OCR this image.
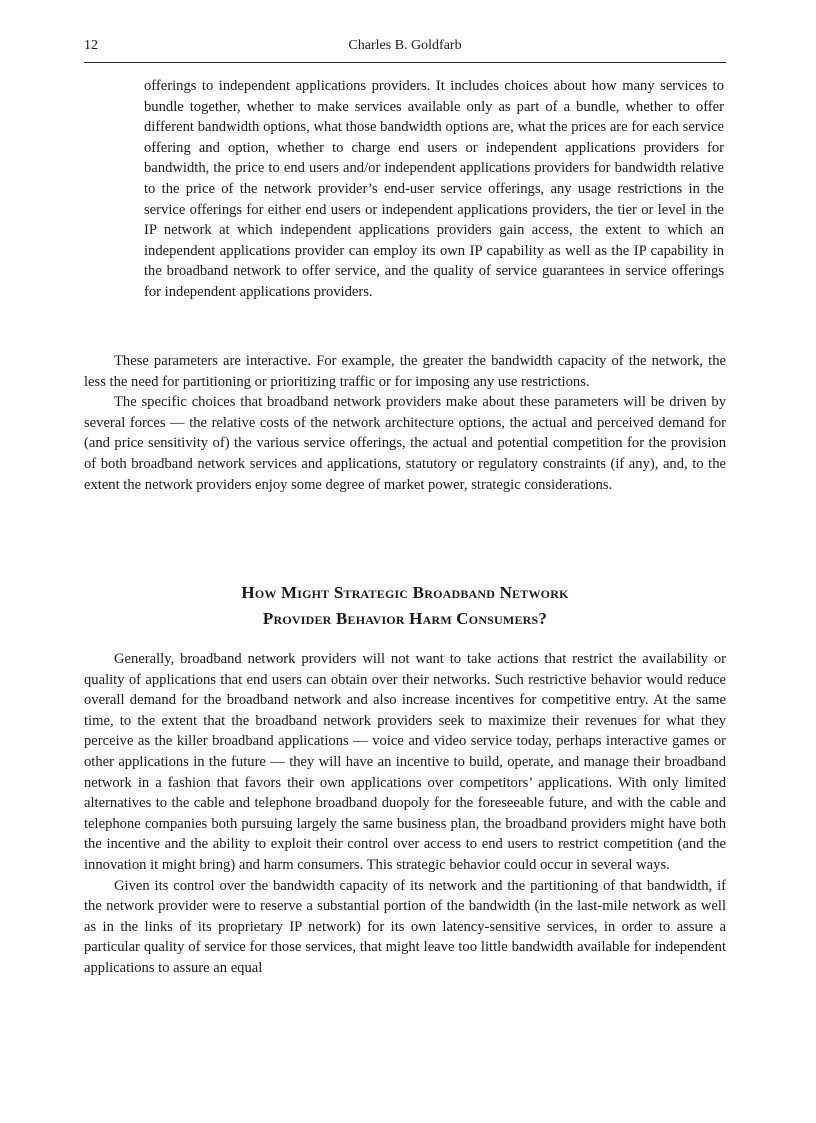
12	Charles B. Goldfarb

offerings to independent applications providers. It includes choices about how many services to bundle together, whether to make services available only as part of a bundle, whether to offer different bandwidth options, what those bandwidth options are, what the prices are for each service offering and option, whether to charge end users or independent applications providers for bandwidth, the price to end users and/or independent applications providers for bandwidth relative to the price of the network provider’s end-user service offerings, any usage restrictions in the service offerings for either end users or independent applications providers, the tier or level in the IP network at which independent applications providers gain access, the extent to which an independent applications provider can employ its own IP capability as well as the IP capability in the broadband network to offer service, and the quality of service guarantees in service offerings for independent applications providers.

These parameters are interactive. For example, the greater the bandwidth capacity of the network, the less the need for partitioning or prioritizing traffic or for imposing any use restrictions.

The specific choices that broadband network providers make about these parameters will be driven by several forces — the relative costs of the network architecture options, the actual and perceived demand for (and price sensitivity of) the various service offerings, the actual and potential competition for the provision of both broadband network services and applications, statutory or regulatory constraints (if any), and, to the extent the network providers enjoy some degree of market power, strategic considerations.

How Might Strategic Broadband Network
Provider Behavior Harm Consumers?

Generally, broadband network providers will not want to take actions that restrict the availability or quality of applications that end users can obtain over their networks. Such restrictive behavior would reduce overall demand for the broadband network and also increase incentives for competitive entry. At the same time, to the extent that the broadband network providers seek to maximize their revenues for what they perceive as the killer broadband applications — voice and video service today, perhaps interactive games or other applications in the future — they will have an incentive to build, operate, and manage their broadband network in a fashion that favors their own applications over competitors’ applications. With only limited alternatives to the cable and telephone broadband duopoly for the foreseeable future, and with the cable and telephone companies both pursuing largely the same business plan, the broadband providers might have both the incentive and the ability to exploit their control over access to end users to restrict competition (and the innovation it might bring) and harm consumers. This strategic behavior could occur in several ways.

Given its control over the bandwidth capacity of its network and the partitioning of that bandwidth, if the network provider were to reserve a substantial portion of the bandwidth (in the last-mile network as well as in the links of its proprietary IP network) for its own latency-sensitive services, in order to assure a particular quality of service for those services, that might leave too little bandwidth available for independent applications to assure an equal
